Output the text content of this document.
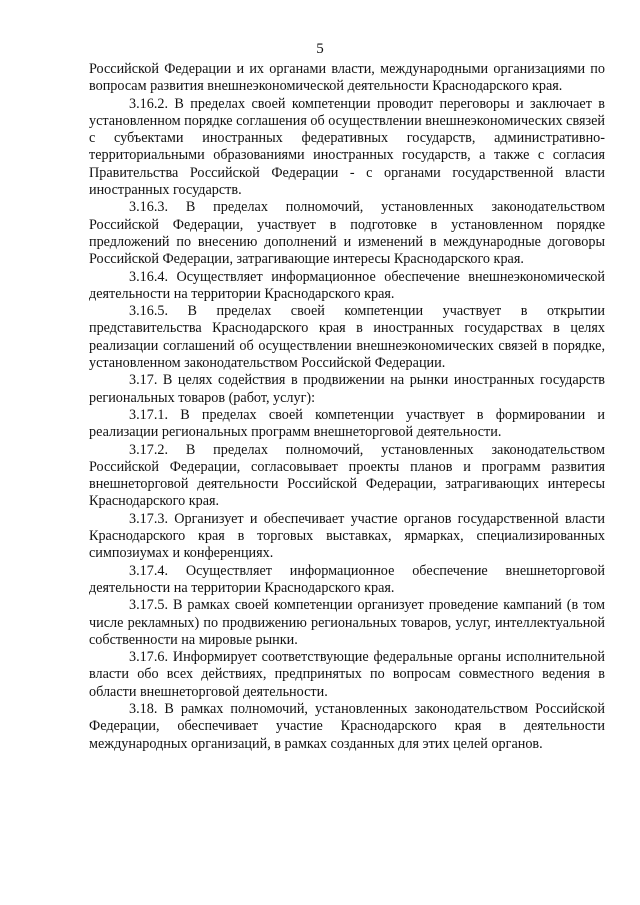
5

Российской Федерации и их органами власти, международными организациями по вопросам развития внешнеэкономической деятельности Краснодарского края.

3.16.2. В пределах своей компетенции проводит переговоры и заключает в установленном порядке соглашения об осуществлении внешнеэкономических связей с субъектами иностранных федеративных государств, административно-территориальными образованиями иностранных государств, а также с согласия Правительства Российской Федерации - с органами государственной власти иностранных государств.

3.16.3. В пределах полномочий, установленных законодательством Российской Федерации, участвует в подготовке в установленном порядке предложений по внесению дополнений и изменений в международные договоры Российской Федерации, затрагивающие интересы Краснодарского края.

3.16.4. Осуществляет информационное обеспечение внешнеэкономической деятельности на территории Краснодарского края.

3.16.5. В пределах своей компетенции участвует в открытии представительства Краснодарского края в иностранных государствах в целях реализации соглашений об осуществлении внешнеэкономических связей в порядке, установленном законодательством Российской Федерации.

3.17. В целях содействия в продвижении на рынки иностранных государств региональных товаров (работ, услуг):

3.17.1. В пределах своей компетенции участвует в формировании и реализации региональных программ внешнеторговой деятельности.

3.17.2. В пределах полномочий, установленных законодательством Российской Федерации, согласовывает проекты планов и программ развития внешнеторговой деятельности Российской Федерации, затрагивающих интересы Краснодарского края.

3.17.3. Организует и обеспечивает участие органов государственной власти Краснодарского края в торговых выставках, ярмарках, специализированных симпозиумах и конференциях.

3.17.4. Осуществляет информационное обеспечение внешнеторговой деятельности на территории Краснодарского края.

3.17.5. В рамках своей компетенции организует проведение кампаний (в том числе рекламных) по продвижению региональных товаров, услуг, интеллектуальной собственности на мировые рынки.

3.17.6. Информирует соответствующие федеральные органы исполнительной власти обо всех действиях, предпринятых по вопросам совместного ведения в области внешнеторговой деятельности.

3.18. В рамках полномочий, установленных законодательством Российской Федерации, обеспечивает участие Краснодарского края в деятельности международных организаций, в рамках созданных для этих целей органов.
